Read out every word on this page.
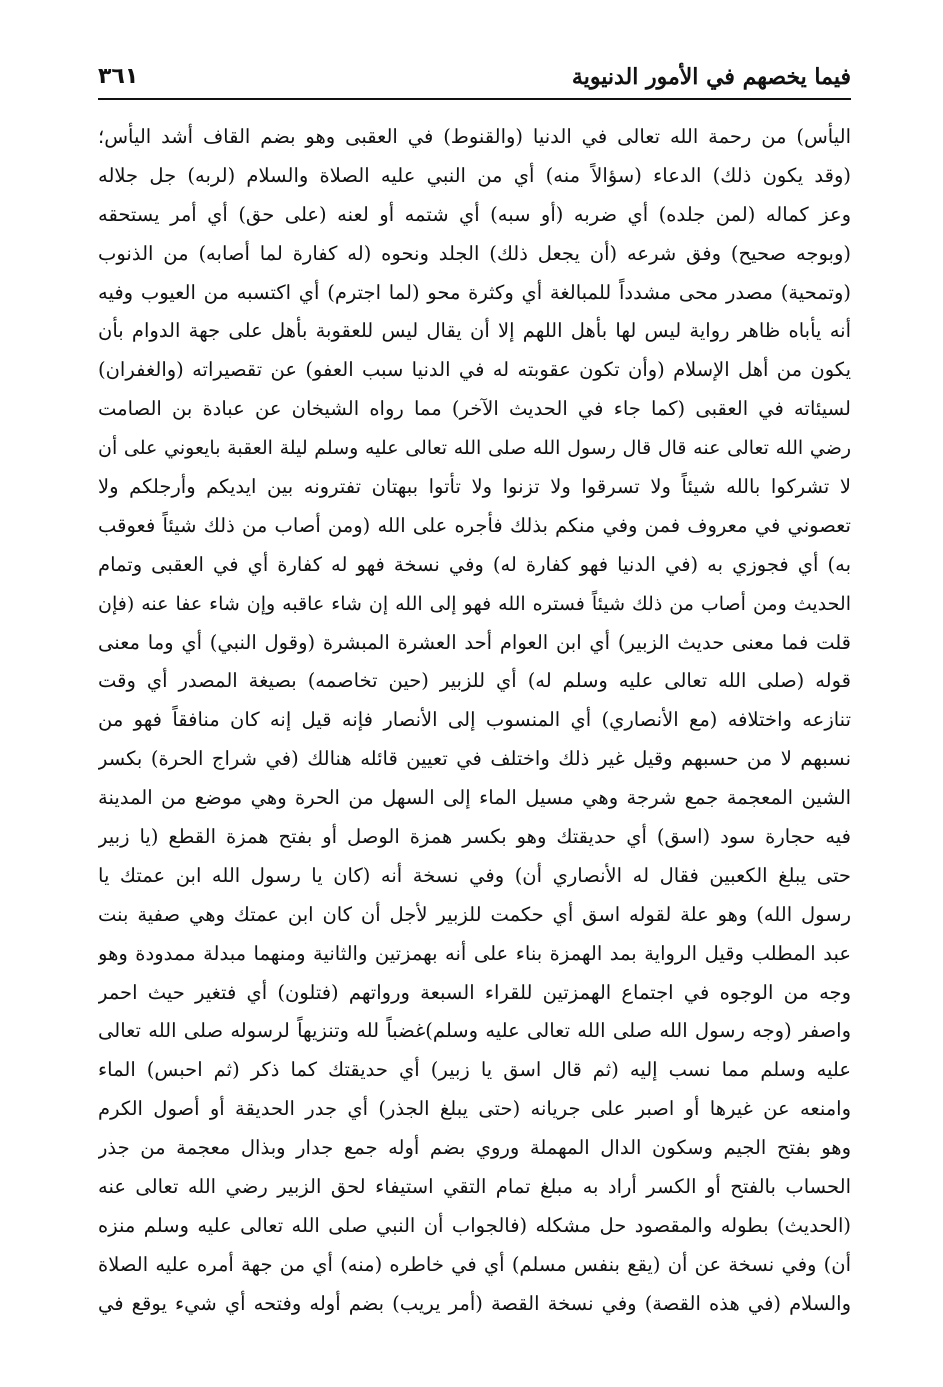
فيما يخصهم في الأمور الدنيوية
٣٦١
اليأس) من رحمة الله تعالى في الدنيا (والقنوط) في العقبى وهو بضم القاف أشد اليأس؛
(وقد يكون ذلك) الدعاء (سؤالاً منه) أي من النبي عليه الصلاة والسلام (لربه) جل جلاله
وعز كماله (لمن جلده) أي ضربه (أو سبه) أي شتمه أو لعنه (على حق) أي أمر يستحقه
(وبوجه صحيح) وفق شرعه (أن يجعل ذلك) الجلد ونحوه (له كفارة لما أصابه) من الذنوب
(وتمحية) مصدر محى مشدداً للمبالغة أي وكثرة محو (لما اجترم) أي اكتسبه من العيوب وفيه
أنه يأباه ظاهر رواية ليس لها بأهل اللهم إلا أن يقال ليس للعقوبة بأهل على جهة الدوام بأن
يكون من أهل الإسلام (وأن تكون عقوبته له في الدنيا سبب العفو) عن تقصيراته (والغفران)
لسيئاته في العقبى (كما جاء في الحديث الآخر) مما رواه الشيخان عن عبادة بن الصامت
رضي الله تعالى عنه قال قال رسول الله صلى الله تعالى عليه وسلم ليلة العقبة بايعوني على أن
لا تشركوا بالله شيئاً ولا تسرقوا ولا تزنوا ولا تأتوا ببهتان تفترونه بين ايديكم وأرجلكم ولا
تعصوني في معروف فمن وفي منكم بذلك فأجره على الله (ومن أصاب من ذلك شيئاً فعوقب
به) أي فجوزي به (في الدنيا فهو كفارة له) وفي نسخة فهو له كفارة أي في العقبى وتمام
الحديث ومن أصاب من ذلك شيئاً فستره الله فهو إلى الله إن شاء عاقبه وإن شاء عفا عنه (فإن
قلت فما معنى حديث الزبير) أي ابن العوام أحد العشرة المبشرة (وقول النبي) أي وما معنى
قوله (صلى الله تعالى عليه وسلم له) أي للزبير (حين تخاصمه) بصيغة المصدر أي وقت
تنازعه واختلافه (مع الأنصاري) أي المنسوب إلى الأنصار فإنه قيل إنه كان منافقاً فهو من
نسبهم لا من حسبهم وقيل غير ذلك واختلف في تعيين قائله هنالك (في شراج الحرة) بكسر
الشين المعجمة جمع شرجة وهي مسيل الماء إلى السهل من الحرة وهي موضع من المدينة
فيه حجارة سود (اسق) أي حديقتك وهو بكسر همزة الوصل أو بفتح همزة القطع (يا زبير
حتى يبلغ الكعبين فقال له الأنصاري أن) وفي نسخة أنه (كان يا رسول الله ابن عمتك يا
رسول الله) وهو علة لقوله اسق أي حكمت للزبير لأجل أن كان ابن عمتك وهي صفية بنت
عبد المطلب وقيل الرواية بمد الهمزة بناء على أنه بهمزتين والثانية ومنهما مبدلة ممدودة وهو
وجه من الوجوه في اجتماع الهمزتين للقراء السبعة ورواتهم (فتلون) أي فتغير حيث احمر
واصفر (وجه رسول الله صلى الله تعالى عليه وسلم)غضباً لله وتنزيهاً لرسوله صلى الله تعالى
عليه وسلم مما نسب إليه (ثم قال اسق يا زبير) أي حديقتك كما ذكر (ثم احبس) الماء
وامنعه عن غيرها أو اصبر على جريانه (حتى يبلغ الجذر) أي جدر الحديقة أو أصول الكرم
وهو بفتح الجيم وسكون الدال المهملة وروي بضم أوله جمع جدار وبذال معجمة من جذر
الحساب بالفتح أو الكسر أراد به مبلغ تمام التقي استيفاء لحق الزبير رضي الله تعالى عنه
(الحديث) بطوله والمقصود حل مشكله (فالجواب أن النبي صلى الله تعالى عليه وسلم منزه
أن) وفي نسخة عن أن (يقع بنفس مسلم) أي في خاطره (منه) أي من جهة أمره عليه الصلاة
والسلام (في هذه القصة) وفي نسخة القصة (أمر يريب) بضم أوله وفتحه أي شيء يوقع في
